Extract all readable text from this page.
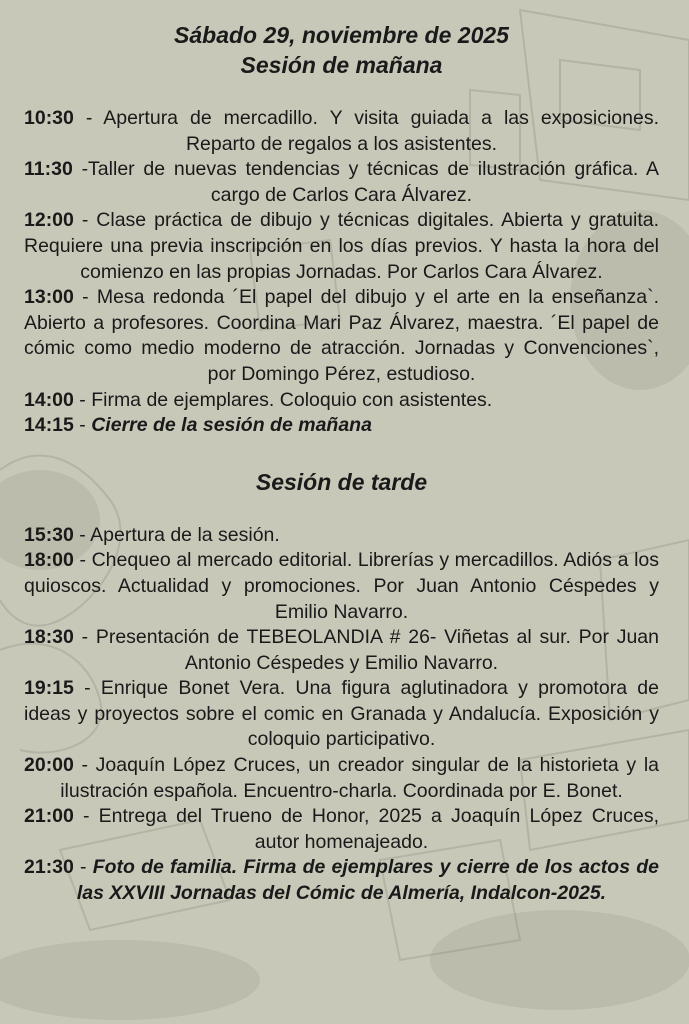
Sábado 29, noviembre de 2025

Sesión de mañana

10:30 - Apertura de mercadillo. Y visita guiada a las exposiciones. Reparto de regalos a los asistentes.

11:30 -Taller de nuevas tendencias y técnicas de ilustración gráfica. A cargo de Carlos Cara Álvarez.

12:00 - Clase práctica de dibujo y técnicas digitales. Abierta y gratuita. Requiere una previa inscripción en los días previos. Y hasta la hora del comienzo en las propias Jornadas. Por Carlos Cara Álvarez.

13:00 - Mesa redonda ´El papel del dibujo y el arte en la enseñanza`. Abierto a profesores. Coordina Mari Paz Álvarez, maestra. ´El papel de cómic como medio moderno de atracción. Jornadas y Convenciones`, por Domingo Pérez, estudioso.

14:00 - Firma de ejemplares. Coloquio con asistentes.

14:15 - Cierre de la sesión de mañana

Sesión de tarde

15:30 - Apertura de la sesión.

18:00 - Chequeo al mercado editorial. Librerías y mercadillos. Adiós a los quioscos. Actualidad y promociones. Por Juan Antonio Céspedes y Emilio Navarro.

18:30 - Presentación de TEBEOLANDIA # 26- Viñetas al sur. Por Juan Antonio Céspedes y Emilio Navarro.

19:15 - Enrique Bonet Vera. Una figura aglutinadora y promotora de ideas y proyectos sobre el comic en Granada y Andalucía. Exposición y coloquio participativo.

20:00 - Joaquín López Cruces, un creador singular de la historieta y la ilustración española. Encuentro-charla. Coordinada por E. Bonet.

21:00 - Entrega del Trueno de Honor, 2025 a Joaquín López Cruces, autor homenajeado.

21:30 - Foto de familia. Firma de ejemplares y cierre de los actos de las XXVIII Jornadas del Cómic de Almería, Indalcon-2025.
